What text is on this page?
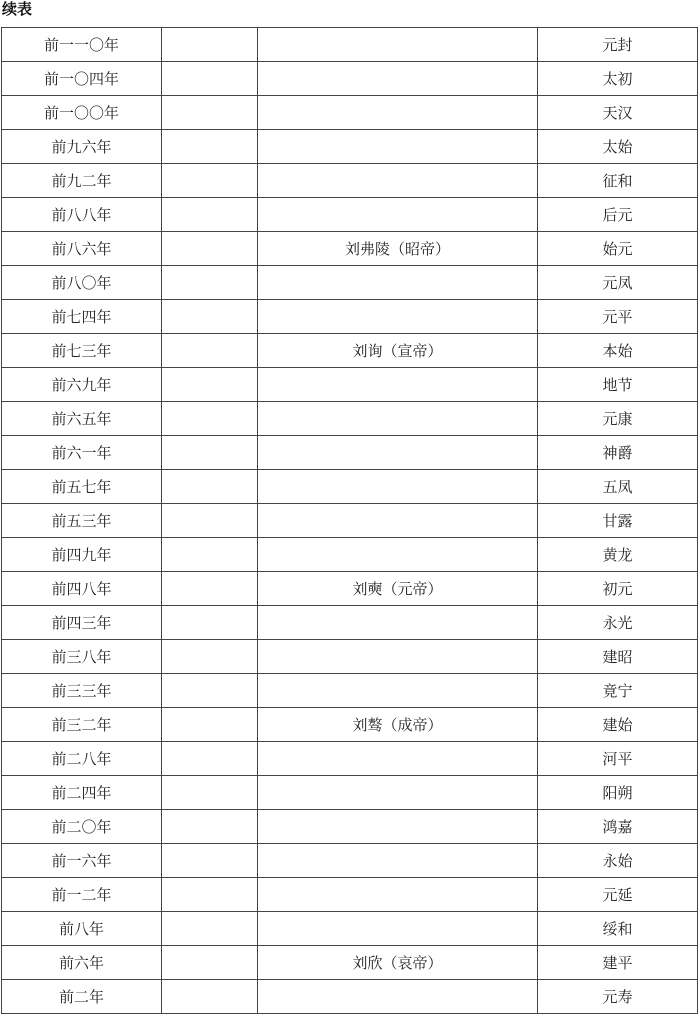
续表
前一一〇年			元封
前一〇四年			太初
前一〇〇年			天汉
前九六年			太始
前九二年			征和
前八八年			后元
前八六年		刘弗陵（昭帝）	始元
前八〇年			元凤
前七四年			元平
前七三年		刘询（宣帝）	本始
前六九年			地节
前六五年			元康
前六一年			神爵
前五七年			五凤
前五三年			甘露
前四九年			黄龙
前四八年		刘奭（元帝）	初元
前四三年			永光
前三八年			建昭
前三三年			竟宁
前三二年		刘骜（成帝）	建始
前二八年			河平
前二四年			阳朔
前二〇年			鸿嘉
前一六年			永始
前一二年			元延
前八年			绥和
前六年		刘欣（哀帝）	建平
前二年			元寿
